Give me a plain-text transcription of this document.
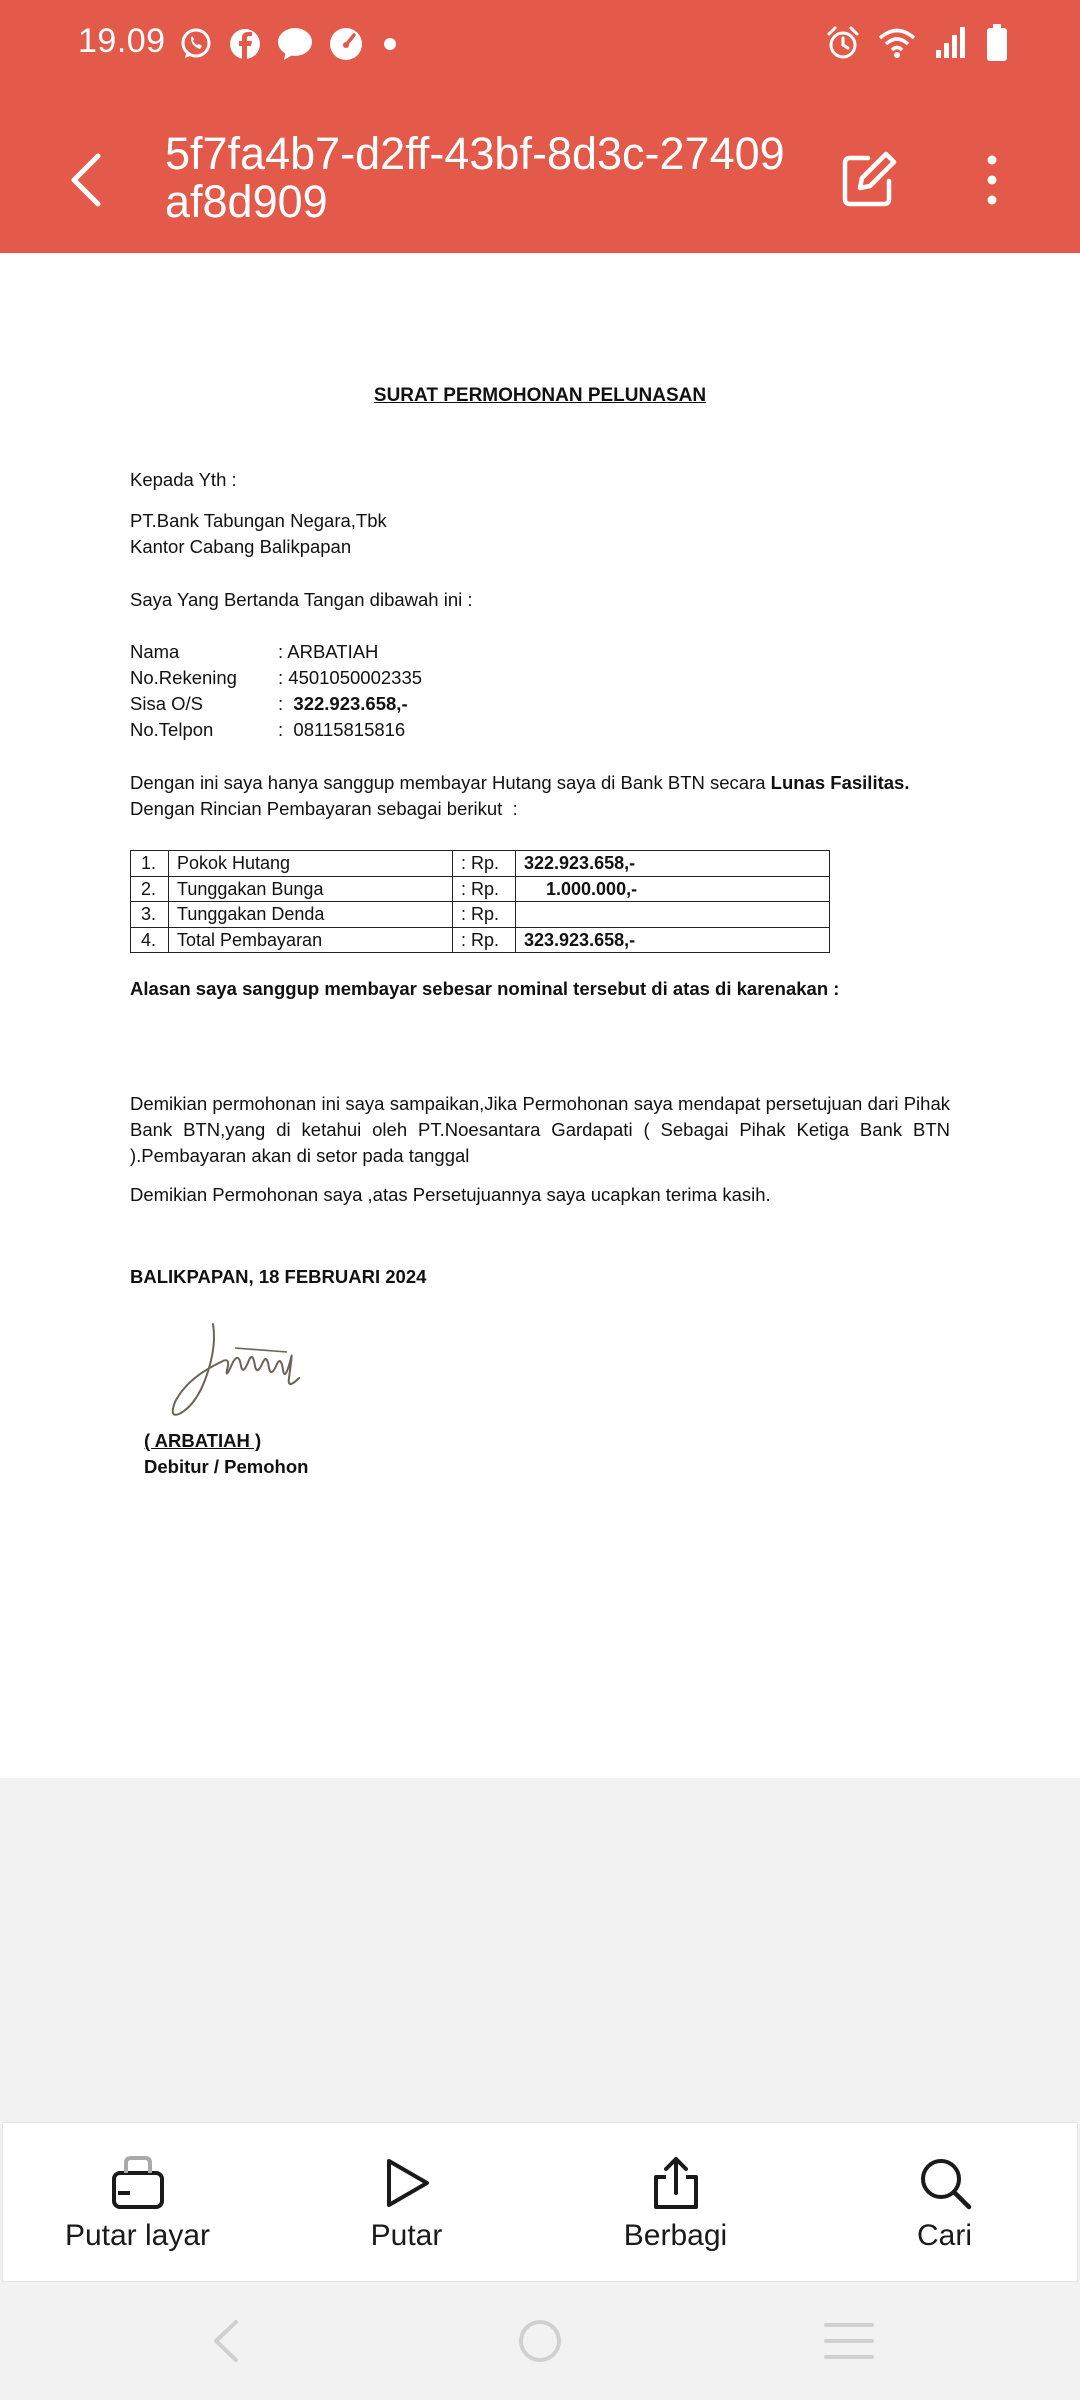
19.09
5f7fa4b7-d2ff-43bf-8d3c-27409af8d909
SURAT PERMOHONAN PELUNASAN
Kepada Yth :
PT.Bank Tabungan Negara,Tbk
Kantor Cabang Balikpapan
Saya Yang Bertanda Tangan dibawah ini :
Nama	: ARBATIAH
No.Rekening : 4501050002335
Sisa O/S	:  322.923.658,-
No.Telpon	:  08115815816
Dengan ini saya hanya sanggup membayar Hutang saya di Bank BTN secara Lunas Fasilitas.
Dengan Rincian Pembayaran sebagai berikut  :
1.	Pokok Hutang	: Rp.	322.923.658,-
2.	Tunggakan Bunga	: Rp.	1.000.000,-
3.	Tunggakan Denda	: Rp.	
4.	Total Pembayaran	: Rp.	323.923.658,-
Alasan saya sanggup membayar sebesar nominal tersebut di atas di karenakan :
Demikian permohonan ini saya sampaikan,Jika Permohonan saya mendapat persetujuan dari Pihak Bank BTN,yang di ketahui oleh PT.Noesantara Gardapati ( Sebagai Pihak Ketiga Bank BTN ).Pembayaran akan di setor pada tanggal
Demikian Permohonan saya ,atas Persetujuannya saya ucapkan terima kasih.
BALIKPAPAN, 18 FEBRUARI 2024
( ARBATIAH )
Debitur / Pemohon
Putar layar	Putar	Berbagi	Cari
